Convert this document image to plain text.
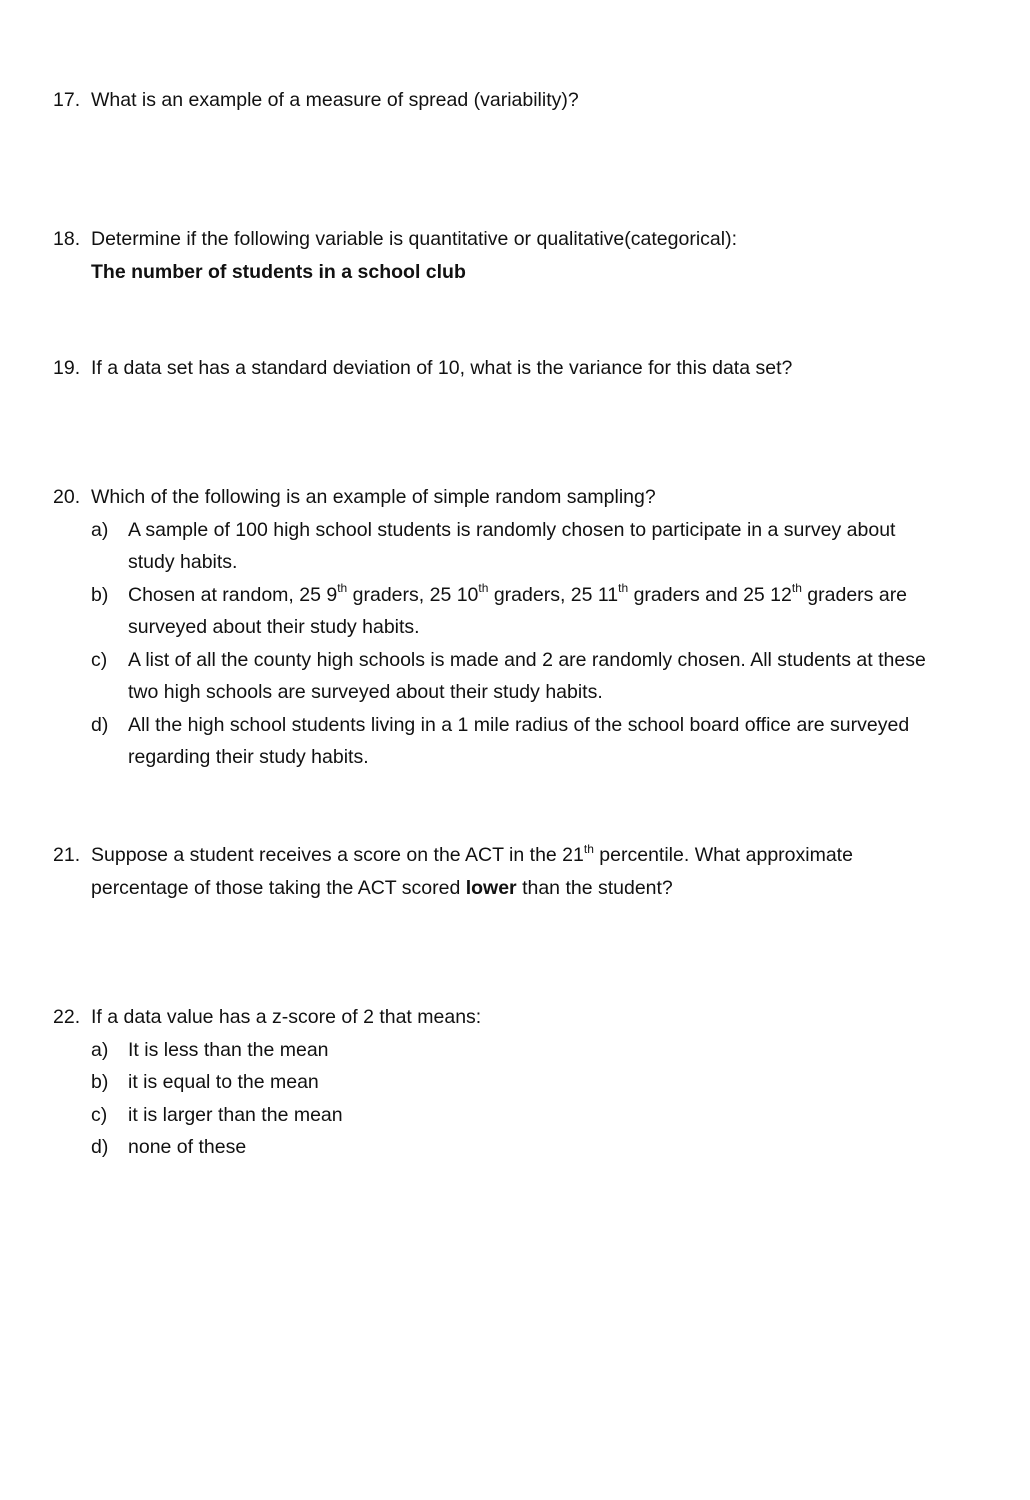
17. What is an example of a measure of spread (variability)?
18. Determine if the following variable is quantitative or qualitative(categorical):
The number of students in a school club
19. If a data set has a standard deviation of 10, what is the variance for this data set?
20. Which of the following is an example of simple random sampling?
a) A sample of 100 high school students is randomly chosen to participate in a survey about
study habits.
b) Chosen at random, 25 9th graders, 25 10th graders, 25 11th graders and 25 12th graders are
surveyed about their study habits.
c) A list of all the county high schools is made and 2 are randomly chosen. All students at these
two high schools are surveyed about their study habits.
d) All the high school students living in a 1 mile radius of the school board office are surveyed
regarding their study habits.
21. Suppose a student receives a score on the ACT in the 21th percentile. What approximate
percentage of those taking the ACT scored lower than the student?
22. If a data value has a z-score of 2 that means:
a) It is less than the mean
b) it is equal to the mean
c) it is larger than the mean
d) none of these
